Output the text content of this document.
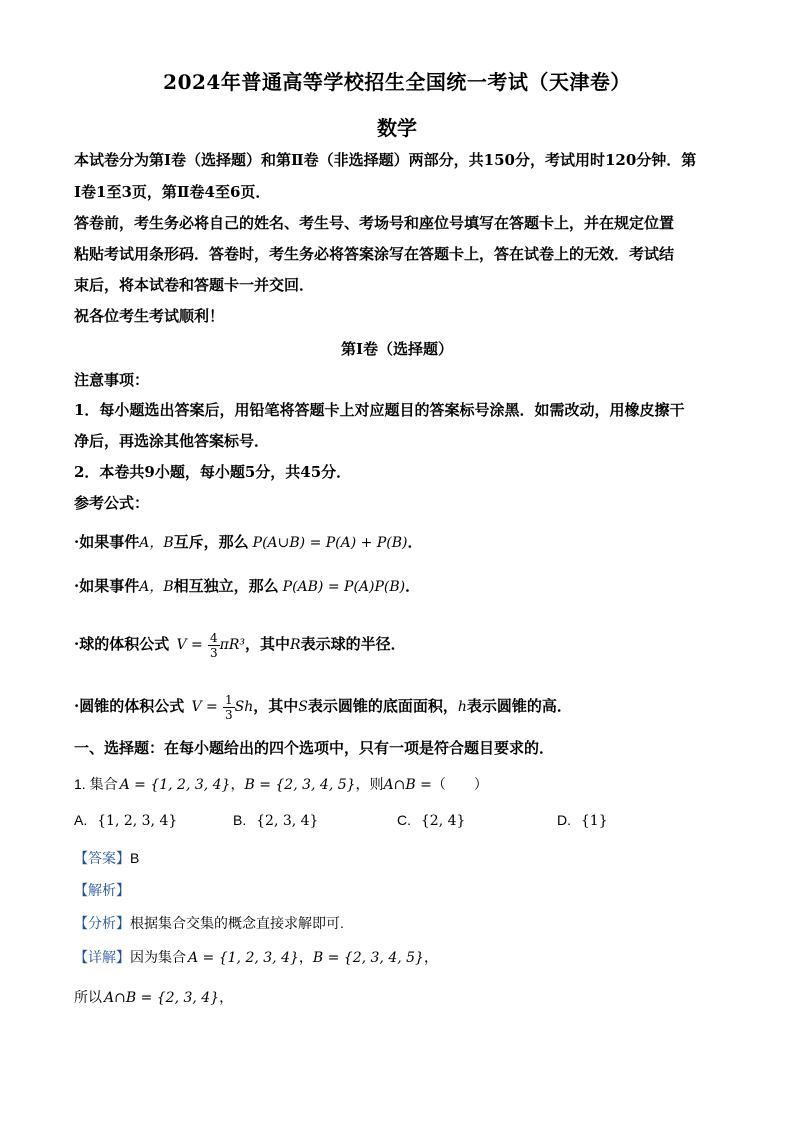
2024年普通高等学校招生全国统一考试（天津卷）
数学
本试卷分为第Ⅰ卷（选择题）和第Ⅱ卷（非选择题）两部分，共150分，考试用时120分钟．第
Ⅰ卷1至3页，第Ⅱ卷4至6页．
答卷前，考生务必将自己的姓名、考生号、考场号和座位号填写在答题卡上，并在规定位置
粘贴考试用条形码．答卷时，考生务必将答案涂写在答题卡上，答在试卷上的无效．考试结
束后，将本试卷和答题卡一并交回．
祝各位考生考试顺利！
第Ⅰ卷（选择题）
注意事项：
1．每小题选出答案后，用铅笔将答题卡上对应题目的答案标号涂黑．如需改动，用橡皮擦干
净后，再选涂其他答案标号．
2．本卷共9小题，每小题5分，共45分．
参考公式：
·如果事件A，B互斥，那么 P(A∪B) = P(A) + P(B)．
·如果事件A，B相互独立，那么 P(AB) = P(A)P(B)．
·球的体积公式 $V = \frac{4}{3} \pi R^3$，其中R表示球的半径．
·圆锥的体积公式 $V = \frac{1}{3}$ Sh，其中S表示圆锥的底面面积，h表示圆锥的高．
一、选择题：在每小题给出的四个选项中，只有一项是符合题目要求的．
1. 集合 A = {1, 2, 3, 4}，B = {2, 3, 4, 5}，则A∩B =（　　）
A. {1, 2, 3, 4}	B. {2, 3, 4}	C. {2, 4}	D. {1}
【答案】B
【解析】
【分析】根据集合交集的概念直接求解即可.
【详解】因为集合 A = {1, 2, 3, 4}，B = {2, 3, 4, 5}，
所以 A∩B = {2, 3, 4}，
